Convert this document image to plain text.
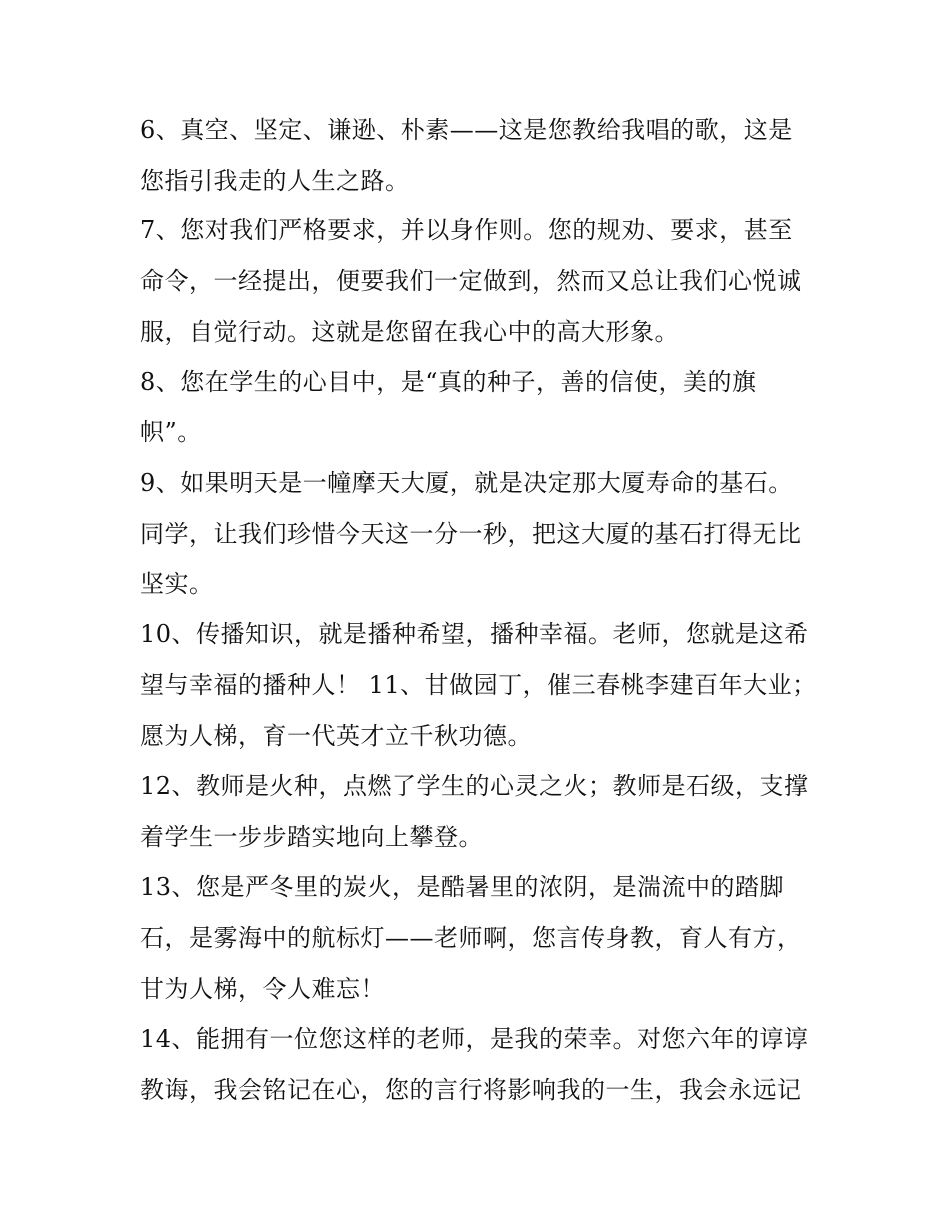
6、真空、坚定、谦逊、朴素——这是您教给我唱的歌，这是
您指引我走的人生之路。
7、您对我们严格要求，并以身作则。您的规劝、要求，甚至
命令，一经提出，便要我们一定做到，然而又总让我们心悦诚
服，自觉行动。这就是您留在我心中的高大形象。
8、您在学生的心目中，是“真的种子，善的信使，美的旗
帜”。
9、如果明天是一幢摩天大厦，就是决定那大厦寿命的基石。
同学，让我们珍惜今天这一分一秒，把这大厦的基石打得无比
坚实。
10、传播知识，就是播种希望，播种幸福。老师，您就是这希
望与幸福的播种人！ 11、甘做园丁，催三春桃李建百年大业；
愿为人梯，育一代英才立千秋功德。
12、教师是火种，点燃了学生的心灵之火；教师是石级，支撑
着学生一步步踏实地向上攀登。
13、您是严冬里的炭火，是酷暑里的浓阴，是湍流中的踏脚
石，是雾海中的航标灯——老师啊，您言传身教，育人有方，
甘为人梯，令人难忘！
14、能拥有一位您这样的老师，是我的荣幸。对您六年的谆谆
教诲，我会铭记在心，您的言行将影响我的一生，我会永远记
